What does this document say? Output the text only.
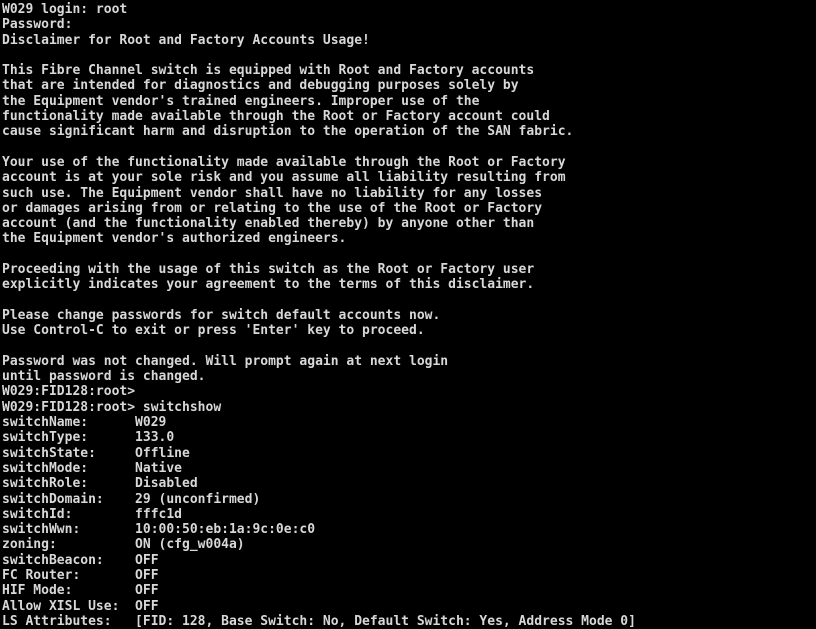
W029 login: root
Password:
Disclaimer for Root and Factory Accounts Usage!

This Fibre Channel switch is equipped with Root and Factory accounts
that are intended for diagnostics and debugging purposes solely by
the Equipment vendor's trained engineers. Improper use of the
functionality made available through the Root or Factory account could
cause significant harm and disruption to the operation of the SAN fabric.

Your use of the functionality made available through the Root or Factory
account is at your sole risk and you assume all liability resulting from
such use. The Equipment vendor shall have no liability for any losses
or damages arising from or relating to the use of the Root or Factory
account (and the functionality enabled thereby) by anyone other than
the Equipment vendor's authorized engineers.

Proceeding with the usage of this switch as the Root or Factory user
explicitly indicates your agreement to the terms of this disclaimer.

Please change passwords for switch default accounts now.
Use Control-C to exit or press 'Enter' key to proceed.

Password was not changed. Will prompt again at next login
until password is changed.
W029:FID128:root>
W029:FID128:root> switchshow
switchName:      W029
switchType:      133.0
switchState:     Offline
switchMode:      Native
switchRole:      Disabled
switchDomain:    29 (unconfirmed)
switchId:        fffc1d
switchWwn:       10:00:50:eb:1a:9c:0e:c0
zoning:          ON (cfg_w004a)
switchBeacon:    OFF
FC Router:       OFF
HIF Mode:        OFF
Allow XISL Use:  OFF
LS Attributes:   [FID: 128, Base Switch: No, Default Switch: Yes, Address Mode 0]
